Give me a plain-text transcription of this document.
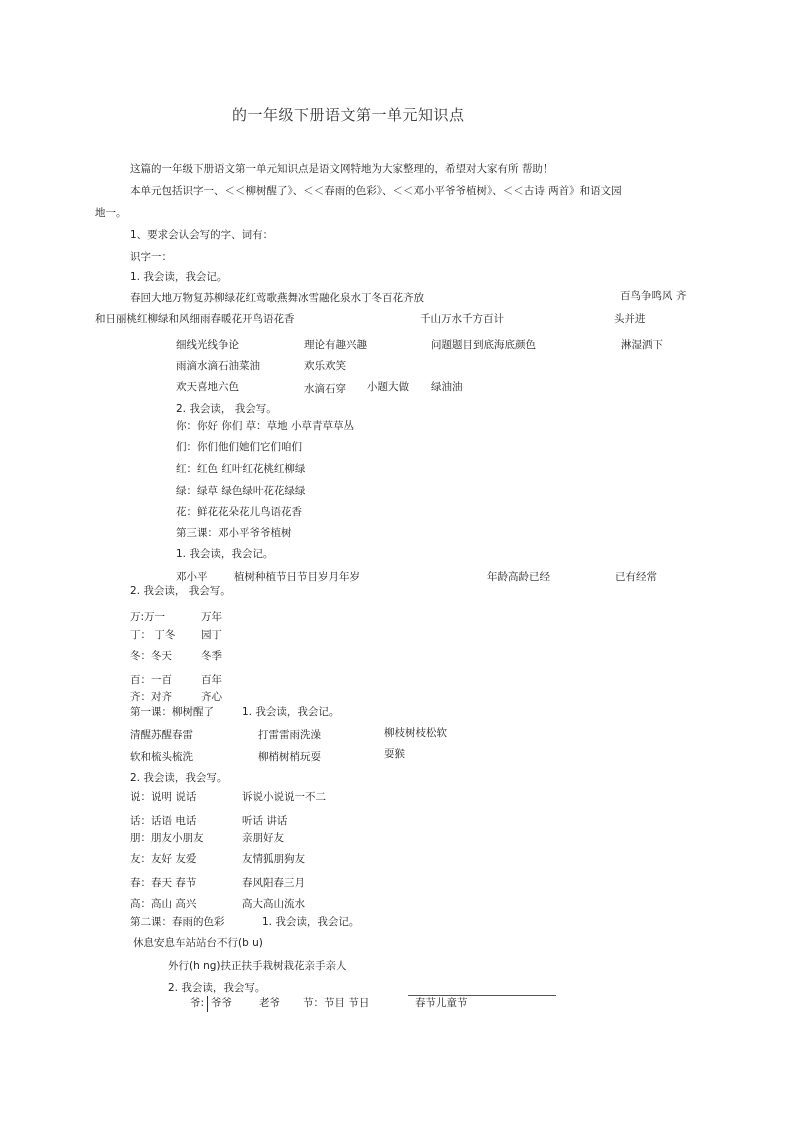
的一年级下册语文第一单元知识点
这篇的一年级下册语文第一单元知识点是语文网特地为大家整理的，希望对大家有所 帮助！
本单元包括识字一、＜＜柳树醒了》、＜＜春雨的色彩》、＜＜邓小平爷爷植树》、＜＜古诗 两首》和语文园
地一。
1、要求会认会写的字、词有：
识字一：
1. 我会读，我会记。
春回大地万物复苏柳绿花红莺歌燕舞冰雪融化泉水丁冬百花齐放	百鸟争鸣风 齐
和日丽桃红柳绿和风细雨春暖花开鸟语花香	千山万水千方百计	头并进
细线光线争论	理论有趣兴趣	问题题目到底海底颜色	淋湿洒下
雨滴水滴石油菜油	欢乐欢笑
欢天喜地六色	水滴石穿 小题大做 绿油油
2. 我会读， 我会写。
你：你好 你们 草：草地 小草青草草丛
们：你们他们她们它们咱们
红：红色 红叶红花桃红柳绿
绿：绿草 绿色绿叶花花绿绿
花：鲜花花朵花儿鸟语花香
第三课：邓小平爷爷植树
1. 我会读，我会记。
邓小平	植树种植节日节目岁月年岁	年龄高龄已经	已有经常
2. 我会读， 我会写。
万:万一	万年
丁： 丁冬 园丁
冬：冬天	冬季
百：一百	百年
齐：对齐	齐心
第一课：柳树醒了	1. 我会读，我会记。
清醒苏醒春雷	打雷雷雨洗澡	柳枝树枝松软
软和梳头梳洗	柳梢树梢玩耍	耍猴
2. 我会读，我会写。
说：说明 说话	诉说小说说一不二
话：话语 电话	听话 讲话
朋：朋友小朋友	亲朋好友
友：友好 友爱	友情狐朋狗友
春：春天 春节	春风阳春三月
高：高山 高兴	高大高山流水
第二课：春雨的色彩	1. 我会读，我会记。
休息安息车站站台不行(b u)
外行(h ng)扶正扶手栽树栽花亲手亲人
2. 我会读，我会写。
爷: 爷爷	老爷 节：节目 节日	春节儿童节
